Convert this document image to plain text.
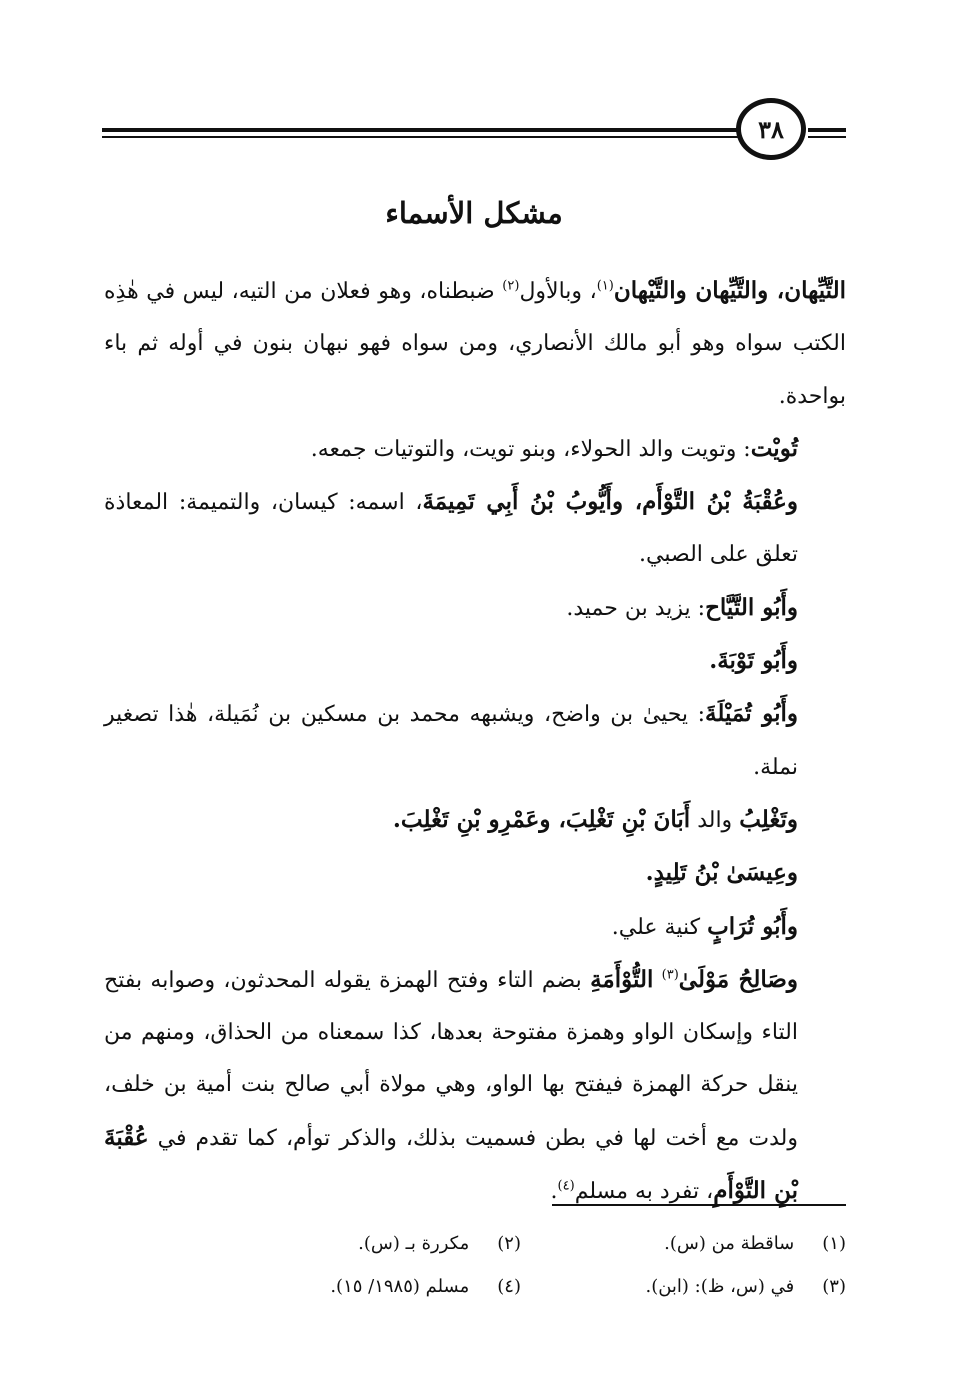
٣٨
مشكل الأسماء

التَّيِّهان، والتَّيِّهان والتَّيْهان$^{(١)}$، وبالأول$^{(٢)}$ ضبطناه، وهو فعلان من التيه، ليس في هٰذِه الكتب سواه وهو أبو مالك الأنصاري، ومن سواه فهو نبهان بنون في أوله ثم باء بواحدة.

تُويْت: وتويت والد الحولاء، وبنو تويت، والتوتيات جمعه.

وعُقْبَةُ بْنُ التَّوْأَم، وأَيُّوبُ بْنُ أَبِي تَمِيمَةَ، اسمه: كيسان، والتميمة: المعاذة تعلق على الصبي.

وأَبُو التَّيَّاح: يزيد بن حميد.

وأَبُو تَوْبَةَ.

وأَبُو تُمَيْلَةَ: يحيىٰ بن واضح، ويشبهه محمد بن مسكين بن نُمَيلة، هٰذا تصغير نملة.

وتَغْلِبُ والد أَبَانَ بْنِ تَغْلِبَ، وعَمْرِو بْنِ تَغْلِبَ.

وعِيسَىٰ بْنُ تَلِيدٍ.

وأَبُو تُرَابٍ كنية علي.

وصَالِحُ مَوْلَىٰ$^{(٣)}$ التُّوْأَمَةِ بضم التاء وفتح الهمزة يقوله المحدثون، وصوابه بفتح التاء وإسكان الواو وهمزة مفتوحة بعدها، كذا سمعناه من الحذاق، ومنهم من ينقل حركة الهمزة فيفتح بها الواو، وهي مولاة أبي صالح بنت أمية بن خلف، ولدت مع أخت لها في بطن فسميت بذلك، والذكر توأم، كما تقدم في عُقْبَةَ بْنِ التَّوْأَمِ، تفرد به مسلم$^{(٤)}$.

(١) ساقطة من (س).
(٢) مكررة بـ (س).
(٣) في (س، ظ): (ابن).
(٤) مسلم (١٩٨٥/ ١٥).
